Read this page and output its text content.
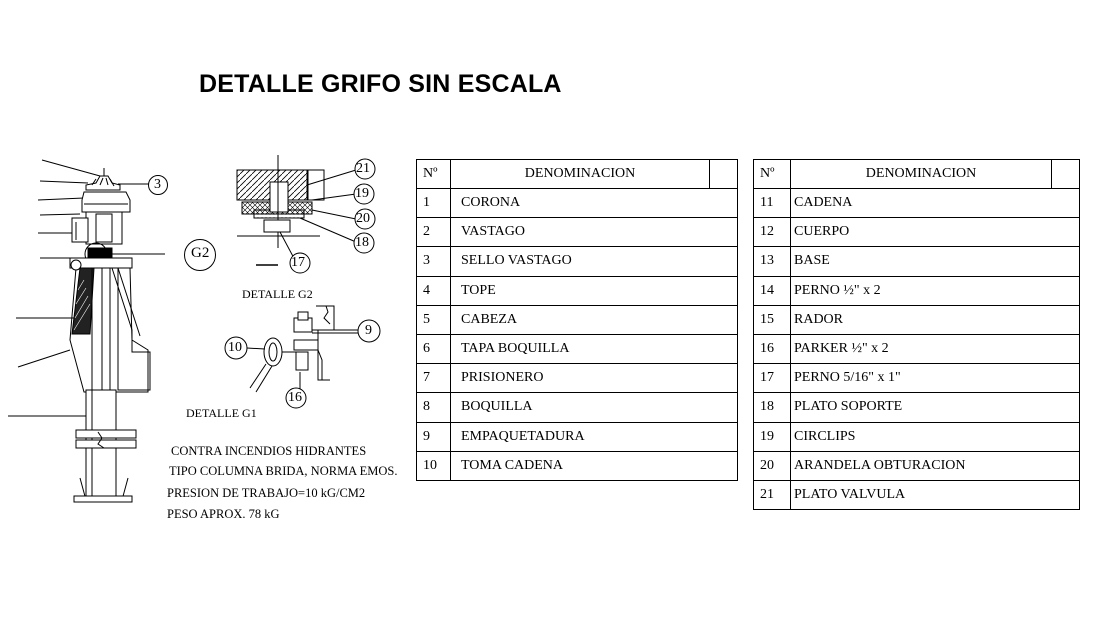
DETALLE GRIFO SIN ESCALA
3
G2
21
19
20
18
17
DETALLE G2
9
10
16
DETALLE G1
CONTRA INCENDIOS HIDRANTES
TIPO COLUMNA BRIDA, NORMA EMOS.
PRESION DE TRABAJO=10 kG/CM2
PESO APROX. 78 kG
Nº	DENOMINACION	
1	CORONA	
2	VASTAGO	
3	SELLO VASTAGO	
4	TOPE	
5	CABEZA	
6	TAPA BOQUILLA	
7	PRISIONERO	
8	BOQUILLA	
9	EMPAQUETADURA	
10	TOMA CADENA	
Nº	DENOMINACION	
11	CADENA	
12	CUERPO	
13	BASE	
14	PERNO ½" x 2	
15	RADOR	
16	PARKER ½" x 2	
17	PERNO 5/16" x 1"	
18	PLATO SOPORTE	
19	CIRCLIPS	
20	ARANDELA OBTURACION	
21	PLATO VALVULA	
